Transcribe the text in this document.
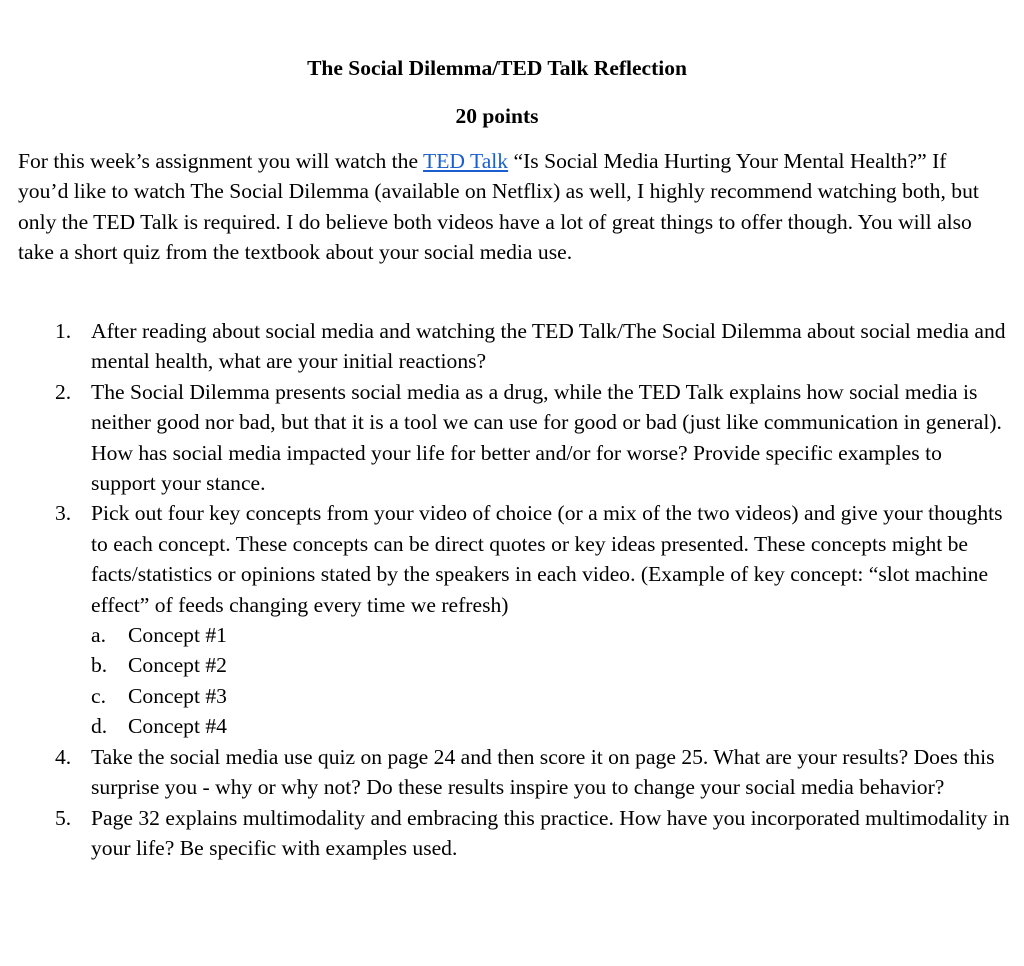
The Social Dilemma/TED Talk Reflection
20 points

For this week’s assignment you will watch the TED Talk “Is Social Media Hurting Your Mental Health?” If you’d like to watch The Social Dilemma (available on Netflix) as well, I highly recommend watching both, but only the TED Talk is required. I do believe both videos have a lot of great things to offer though. You will also take a short quiz from the textbook about your social media use.

1. After reading about social media and watching the TED Talk/The Social Dilemma about social media and mental health, what are your initial reactions?
2. The Social Dilemma presents social media as a drug, while the TED Talk explains how social media is neither good nor bad, but that it is a tool we can use for good or bad (just like communication in general). How has social media impacted your life for better and/or for worse? Provide specific examples to support your stance.
3. Pick out four key concepts from your video of choice (or a mix of the two videos) and give your thoughts to each concept. These concepts can be direct quotes or key ideas presented. These concepts might be facts/statistics or opinions stated by the speakers in each video. (Example of key concept: “slot machine effect” of feeds changing every time we refresh)
a. Concept #1
b. Concept #2
c. Concept #3
d. Concept #4
4. Take the social media use quiz on page 24 and then score it on page 25. What are your results? Does this surprise you - why or why not? Do these results inspire you to change your social media behavior?
5. Page 32 explains multimodality and embracing this practice. How have you incorporated multimodality in your life? Be specific with examples used.
